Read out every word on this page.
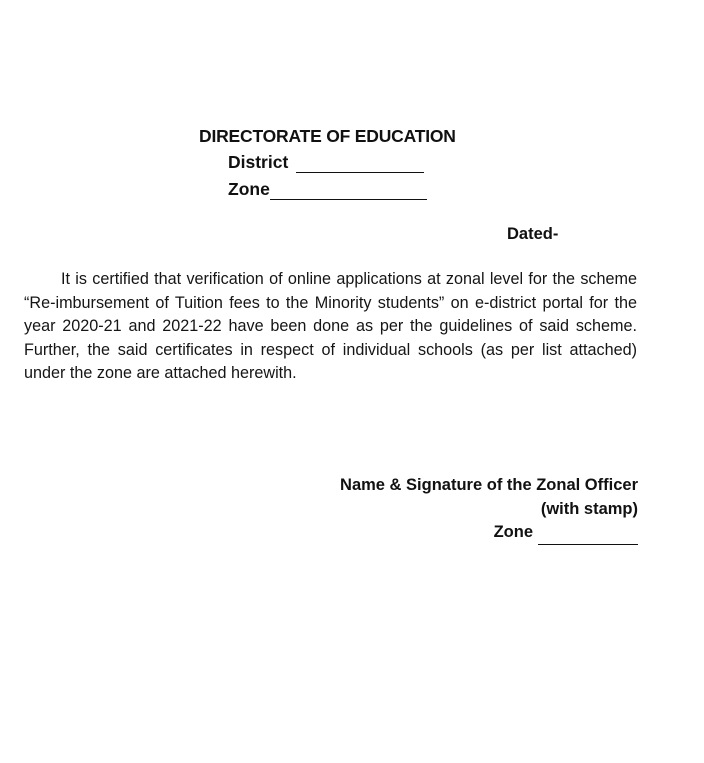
DIRECTORATE OF EDUCATION
District
Zone
Dated-

It is certified that verification of online applications at zonal level for the scheme “Re-imbursement of Tuition fees to the Minority students” on e-district portal for the year 2020-21 and 2021-22 have been done as per the guidelines of said scheme. Further, the said certificates in respect of individual schools (as per list attached) under the zone are attached herewith.

Name & Signature of the Zonal Officer
(with stamp)
Zone
